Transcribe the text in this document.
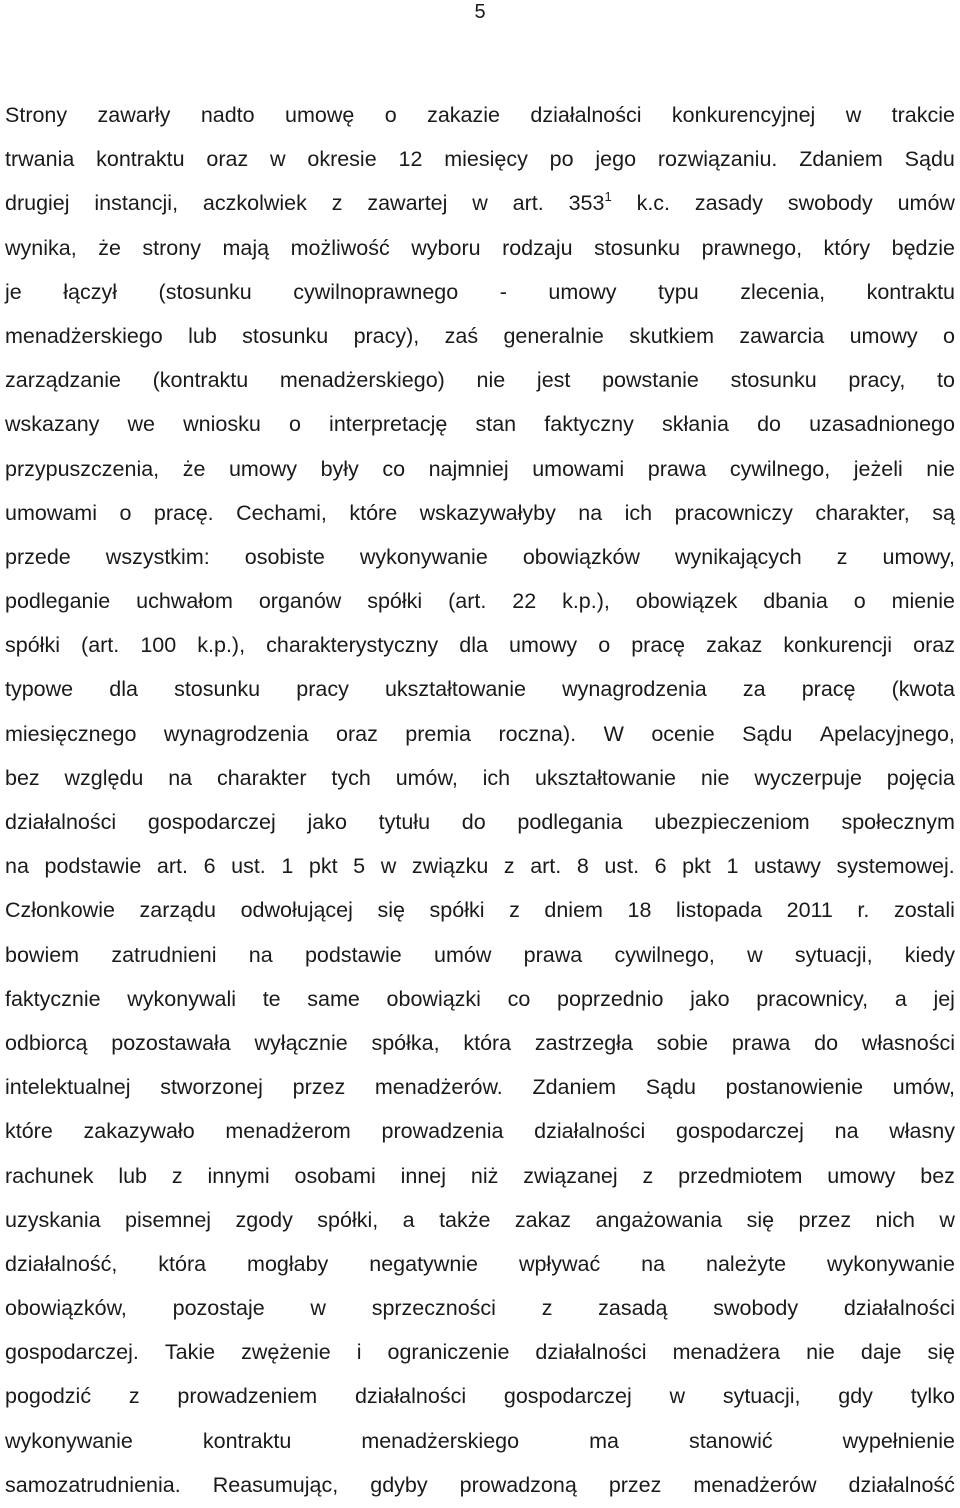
5
Strony zawarły nadto umowę o zakazie działalności konkurencyjnej w trakcie
trwania kontraktu oraz w okresie 12 miesięcy po jego rozwiązaniu. Zdaniem Sądu
drugiej instancji, aczkolwiek z zawartej w art. $353^1$ k.c. zasady swobody umów
wynika, że strony mają możliwość wyboru rodzaju stosunku prawnego, który będzie
je łączył (stosunku cywilnoprawnego - umowy typu zlecenia, kontraktu
menadżerskiego lub stosunku pracy), zaś generalnie skutkiem zawarcia umowy o
zarządzanie (kontraktu menadżerskiego) nie jest powstanie stosunku pracy, to
wskazany we wniosku o interpretację stan faktyczny skłania do uzasadnionego
przypuszczenia, że umowy były co najmniej umowami prawa cywilnego, jeżeli nie
umowami o pracę. Cechami, które wskazywałyby na ich pracowniczy charakter, są
przede wszystkim: osobiste wykonywanie obowiązków wynikających z umowy,
podleganie uchwałom organów spółki (art. 22 k.p.), obowiązek dbania o mienie
spółki (art. 100 k.p.), charakterystyczny dla umowy o pracę zakaz konkurencji oraz
typowe dla stosunku pracy ukształtowanie wynagrodzenia za pracę (kwota
miesięcznego wynagrodzenia oraz premia roczna). W ocenie Sądu Apelacyjnego,
bez względu na charakter tych umów, ich ukształtowanie nie wyczerpuje pojęcia
działalności gospodarczej jako tytułu do podlegania ubezpieczeniom społecznym
na podstawie art. 6 ust. 1 pkt 5 w związku z art. 8 ust. 6 pkt 1 ustawy systemowej.
Członkowie zarządu odwołującej się spółki z dniem 18 listopada 2011 r. zostali
bowiem zatrudnieni na podstawie umów prawa cywilnego, w sytuacji, kiedy
faktycznie wykonywali te same obowiązki co poprzednio jako pracownicy, a jej
odbiorcą pozostawała wyłącznie spółka, która zastrzegła sobie prawa do własności
intelektualnej stworzonej przez menadżerów. Zdaniem Sądu postanowienie umów,
które zakazywało menadżerom prowadzenia działalności gospodarczej na własny
rachunek lub z innymi osobami innej niż związanej z przedmiotem umowy bez
uzyskania pisemnej zgody spółki, a także zakaz angażowania się przez nich w
działalność, która mogłaby negatywnie wpływać na należyte wykonywanie
obowiązków, pozostaje w sprzeczności z zasadą swobody działalności
gospodarczej. Takie zwężenie i ograniczenie działalności menadżera nie daje się
pogodzić z prowadzeniem działalności gospodarczej w sytuacji, gdy tylko
wykonywanie	kontraktu	menadżerskiego	ma	stanowić	wypełnienie
samozatrudnienia. Reasumując, gdyby prowadzoną przez menadżerów działalność
